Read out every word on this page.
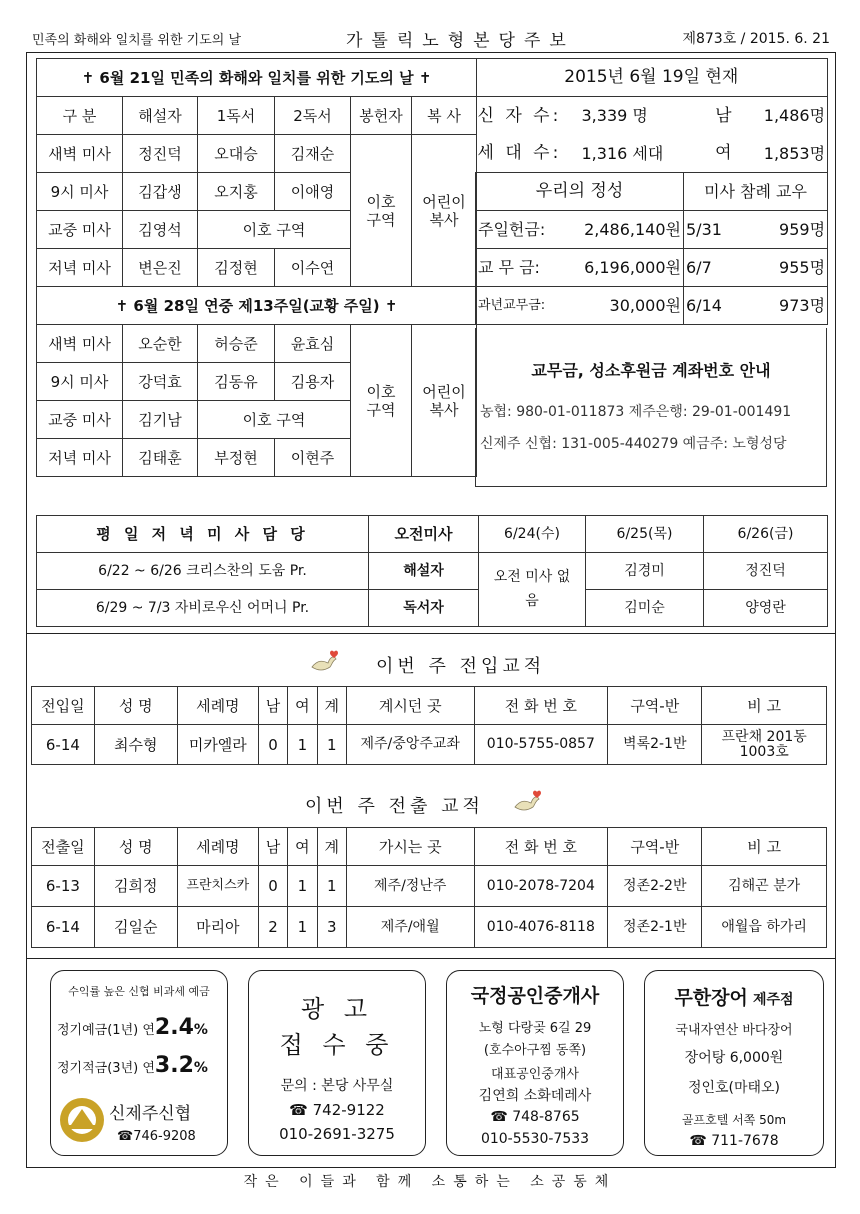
민족의 화해와 일치를 위한 기도의 날	가톨릭노형본당주보	제873호 / 2015. 6. 21
✝ 6월 21일 민족의 화해와 일치를 위한 기도의 날 ✝					
구 분	해설자	1독서	2독서	봉헌자	복 사
새벽 미사	정진덕	오대승	김재순	이호 구역	어린이 복사
9시 미사	김갑생	오지홍	이애영		
교중 미사	김영석	이호 구역			
저녁 미사	변은진	김정현	이수연		
✝ 6월 28일 연중 제13주일(교황 주일) ✝					
새벽 미사	오순한	허승준	윤효심	이호 구역	어린이 복사
9시 미사	강덕효	김동유	김용자		
교중 미사	김기남	이호 구역			
저녁 미사	김태훈	부정현	이현주		
2015년 6월 19일 현재			
신 자 수:	3,339 명	남	1,486명
세 대 수:	1,316 세대	여	1,853명
우리의 정성		미사 참례 교우	
주일헌금:	2,486,140원	5/31	959명
교 무 금:	6,196,000원	6/7	955명
과년교무금:	30,000원	6/14	973명
교무금, 성소후원금 계좌번호 안내
농협: 980-01-011873 제주은행: 29-01-001491
신제주 신협: 131-005-440279 예금주: 노형성당
평 일 저 녁 미 사 담 당	오전미사	6/24(수)	6/25(목)	6/26(금)
6/22 ~ 6/26 크리스찬의 도움 Pr.	해설자	오전 미사 없 음	김경미	정진덕
6/29 ~ 7/3 자비로우신 어머니 Pr.	독서자		김미순	양영란
이번 주 전입교적
전입일	성 명	세례명	남	여	계	계시던 곳	전 화 번 호	구역-반	비 고
6-14	최수형	미카엘라	0	1	1	제주/중앙주교좌	010-5755-0857	벽록2-1반	프란채 201동 1003호
이번 주 전출 교적
전출일	성 명	세례명	남	여	계	가시는 곳	전 화 번 호	구역-반	비 고
6-13	김희정	프란치스카	0	1	1	제주/정난주	010-2078-7204	정존2-2반	김해곤 분가
6-14	김일순	마리아	2	1	3	제주/애월	010-4076-8118	정존2-1반	애월읍 하가리
수익률 높은 신협 비과세 예금
정기예금(1년) 연2.4%
정기적금(3년) 연3.2%
신제주신협
☎746-9208
광 고
접 수 중
문의 : 본당 사무실
☎ 742-9122
010-2691-3275
국정공인중개사
노형 다랑곶 6길 29
(호수아구찜 동쪽)
대표공인중개사
김연희 소화데레사
☎ 748-8765
010-5530-7533
무한장어 제주점
국내자연산 바다장어
장어탕 6,000원
정인호(마태오)
골프호텔 서쪽 50m
☎ 711-7678
작은 이들과 함께 소통하는 소공동체
